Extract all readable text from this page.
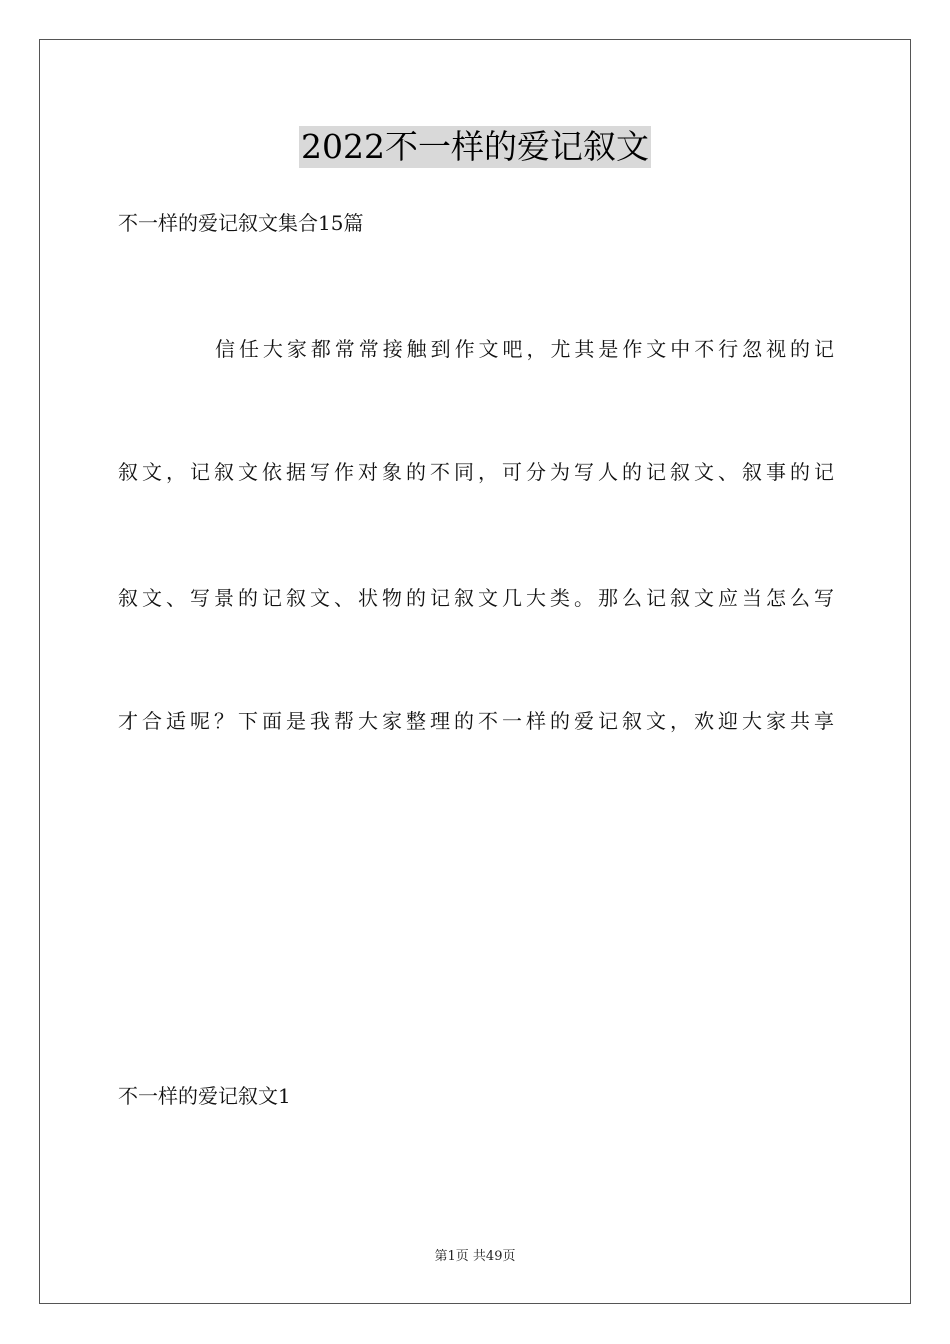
2022不一样的爱记叙文
不一样的爱记叙文集合15篇
信任大家都常常接触到作文吧，尤其是作文中不行忽视的记
叙文，记叙文依据写作对象的不同，可分为写人的记叙文、叙事的记
叙文、写景的记叙文、状物的记叙文几大类。那么记叙文应当怎么写
才合适呢？下面是我帮大家整理的不一样的爱记叙文，欢迎大家共享
不一样的爱记叙文1
第1页 共49页
